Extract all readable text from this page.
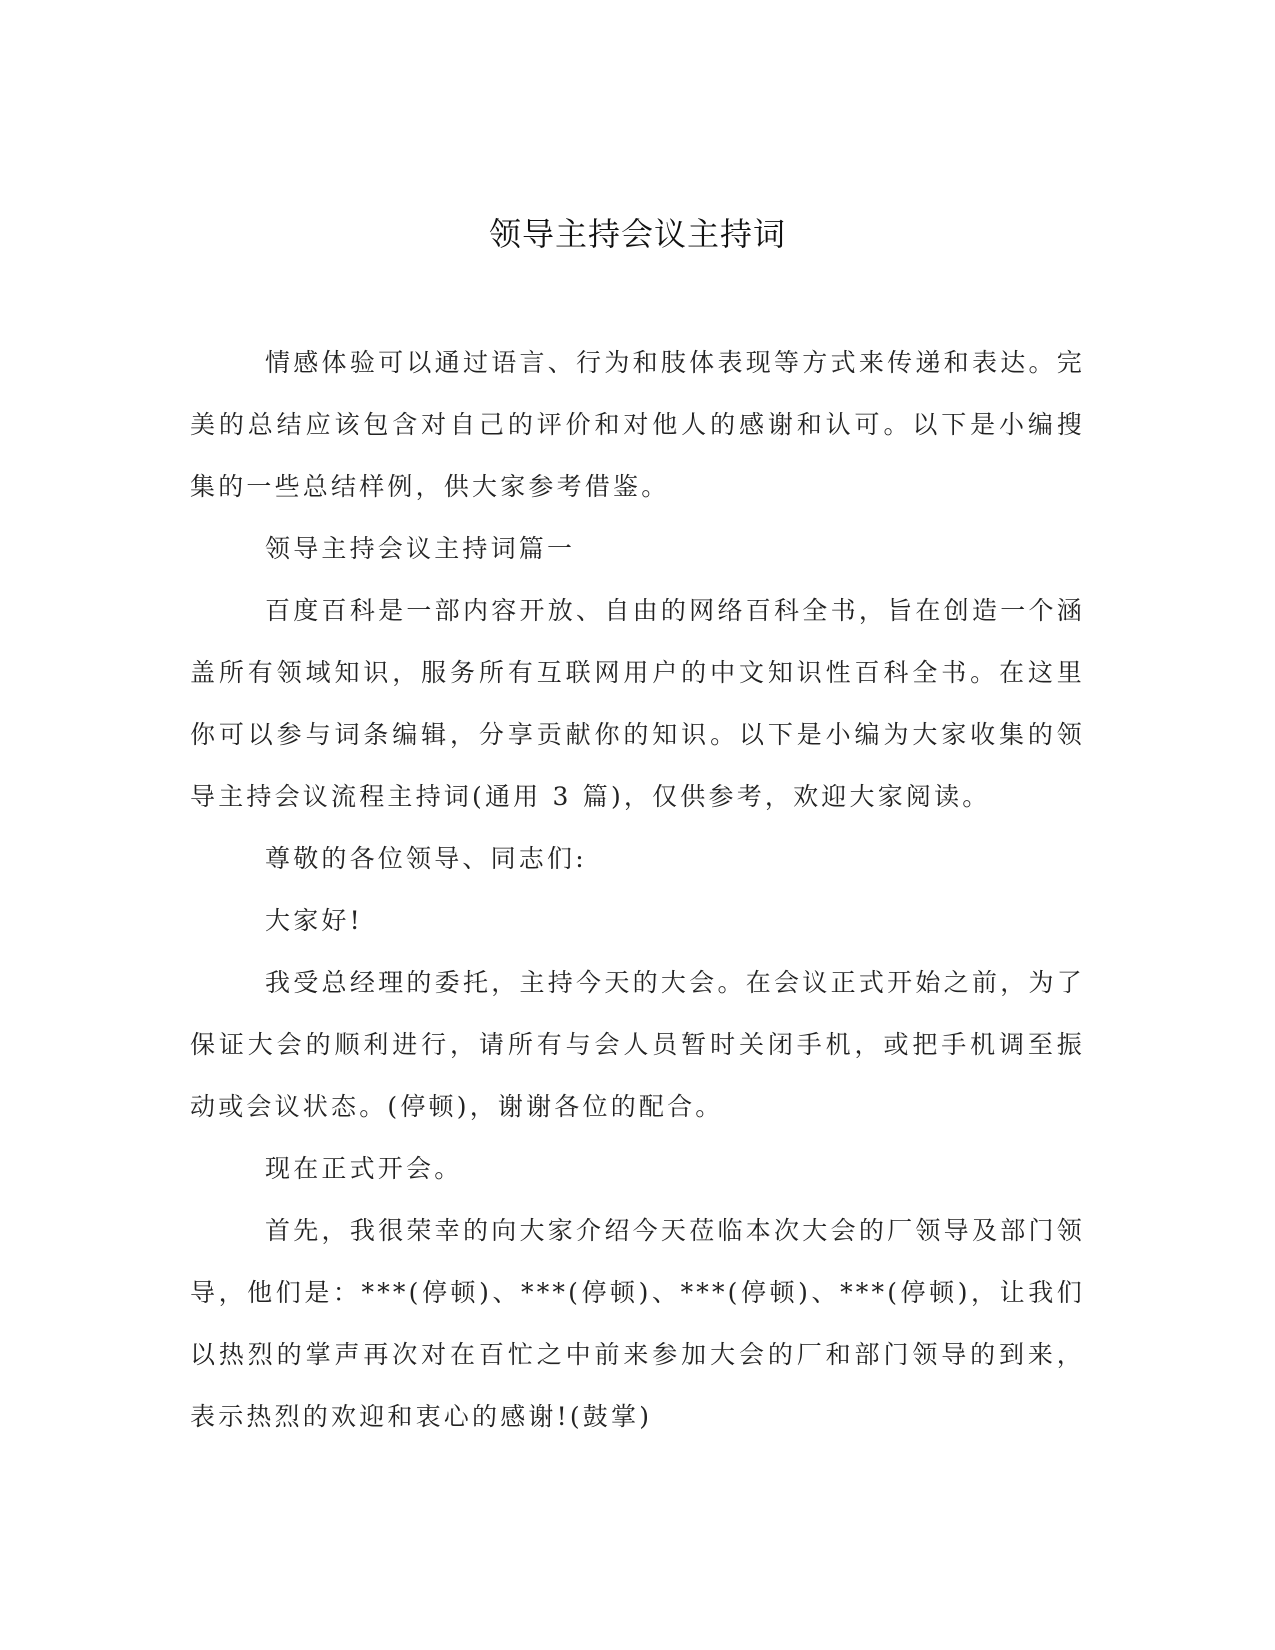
领导主持会议主持词

情感体验可以通过语言、行为和肢体表现等方式来传递和表达。完美的总结应该包含对自己的评价和对他人的感谢和认可。以下是小编搜集的一些总结样例，供大家参考借鉴。

领导主持会议主持词篇一

百度百科是一部内容开放、自由的网络百科全书，旨在创造一个涵盖所有领域知识，服务所有互联网用户的中文知识性百科全书。在这里你可以参与词条编辑，分享贡献你的知识。以下是小编为大家收集的领导主持会议流程主持词(通用 3 篇)，仅供参考，欢迎大家阅读。

尊敬的各位领导、同志们:

大家好!

我受总经理的委托，主持今天的大会。在会议正式开始之前，为了保证大会的顺利进行，请所有与会人员暂时关闭手机，或把手机调至振动或会议状态。(停顿)，谢谢各位的配合。

现在正式开会。

首先，我很荣幸的向大家介绍今天莅临本次大会的厂领导及部门领导，他们是：***(停顿)、***(停顿)、***(停顿)、***(停顿)，让我们以热烈的掌声再次对在百忙之中前来参加大会的厂和部门领导的到来，表示热烈的欢迎和衷心的感谢!(鼓掌)
